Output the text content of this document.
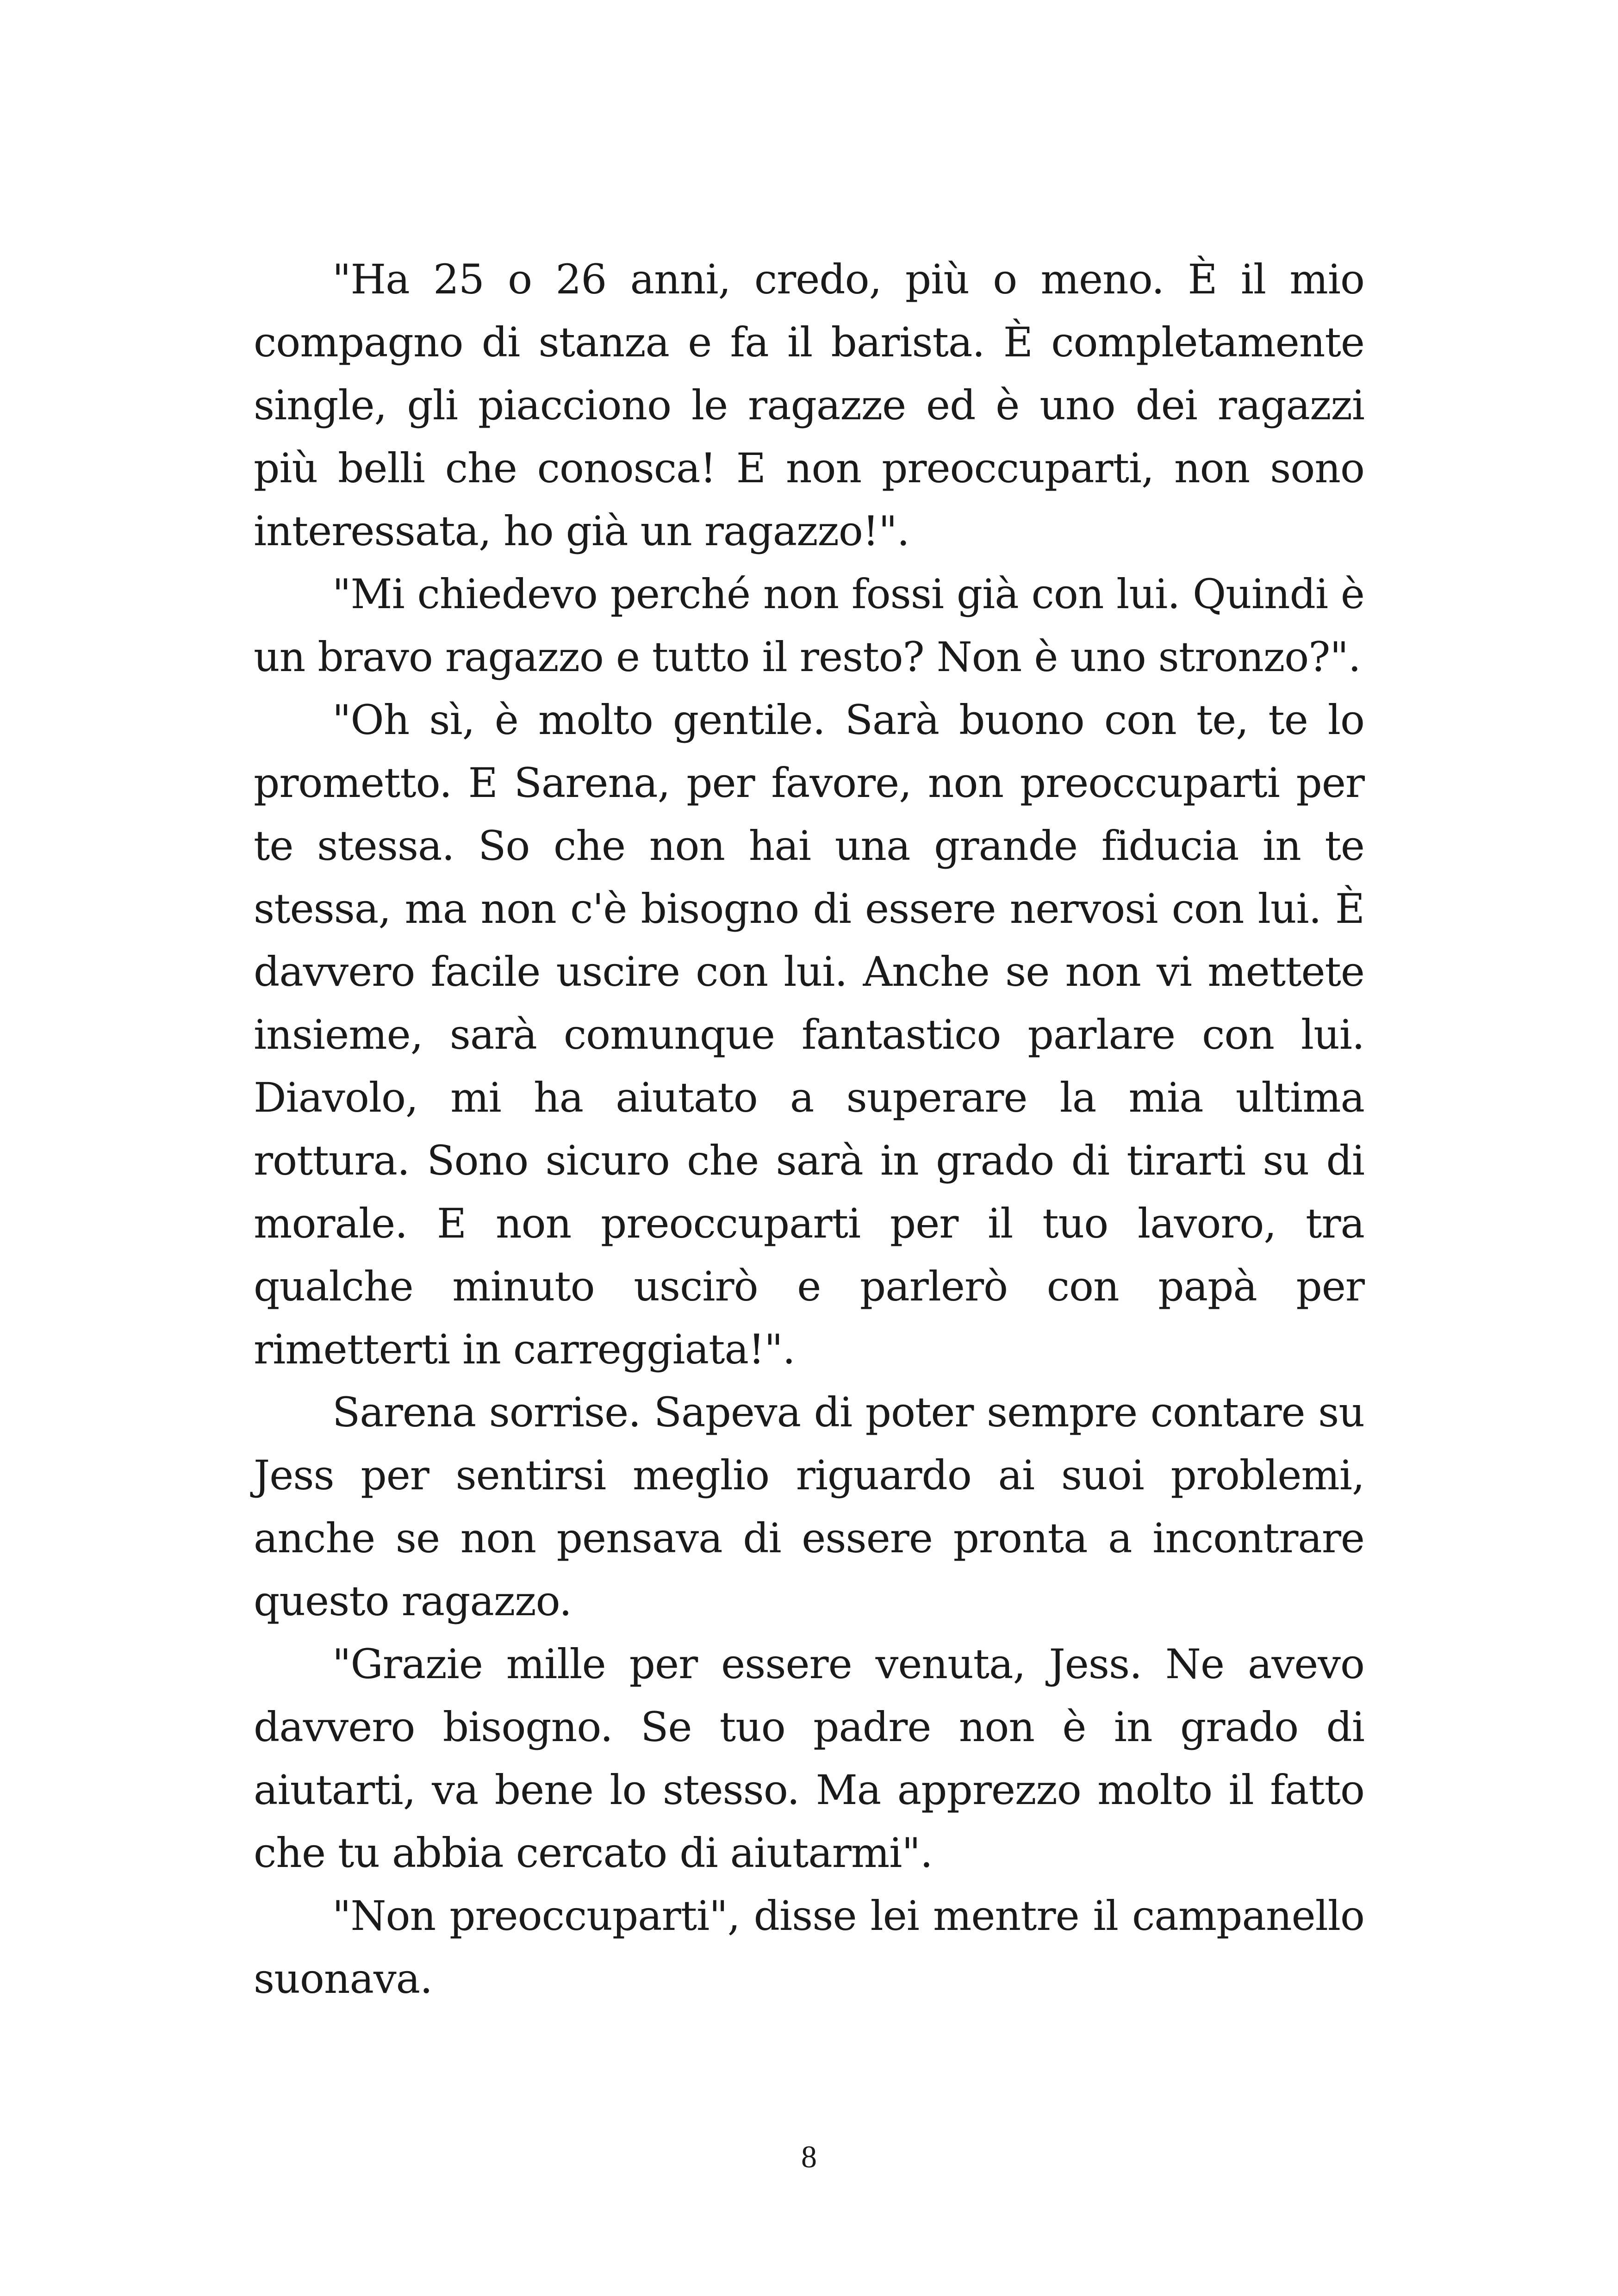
"Ha 25 o 26 anni, credo, più o meno. È il mio compagno di stanza e fa il barista. È completamente single, gli piacciono le ragazze ed è uno dei ragazzi più belli che conosca! E non preoccuparti, non sono interessata, ho già un ragazzo!".

"Mi chiedevo perché non fossi già con lui. Quindi è un bravo ragazzo e tutto il resto? Non è uno stronzo?".

"Oh sì, è molto gentile. Sarà buono con te, te lo prometto. E Sarena, per favore, non preoccuparti per te stessa. So che non hai una grande fiducia in te stessa, ma non c'è bisogno di essere nervosi con lui. È davvero facile uscire con lui. Anche se non vi mettete insieme, sarà comunque fantastico parlare con lui. Diavolo, mi ha aiutato a superare la mia ultima rottura. Sono sicuro che sarà in grado di tirarti su di morale. E non preoccuparti per il tuo lavoro, tra qualche minuto uscirò e parlerò con papà per rimetterti in carreggiata!".

Sarena sorrise. Sapeva di poter sempre contare su Jess per sentirsi meglio riguardo ai suoi problemi, anche se non pensava di essere pronta a incontrare questo ragazzo.

"Grazie mille per essere venuta, Jess. Ne avevo davvero bisogno. Se tuo padre non è in grado di aiutarti, va bene lo stesso. Ma apprezzo molto il fatto che tu abbia cercato di aiutarmi".

"Non preoccuparti", disse lei mentre il campanello suonava.

8
